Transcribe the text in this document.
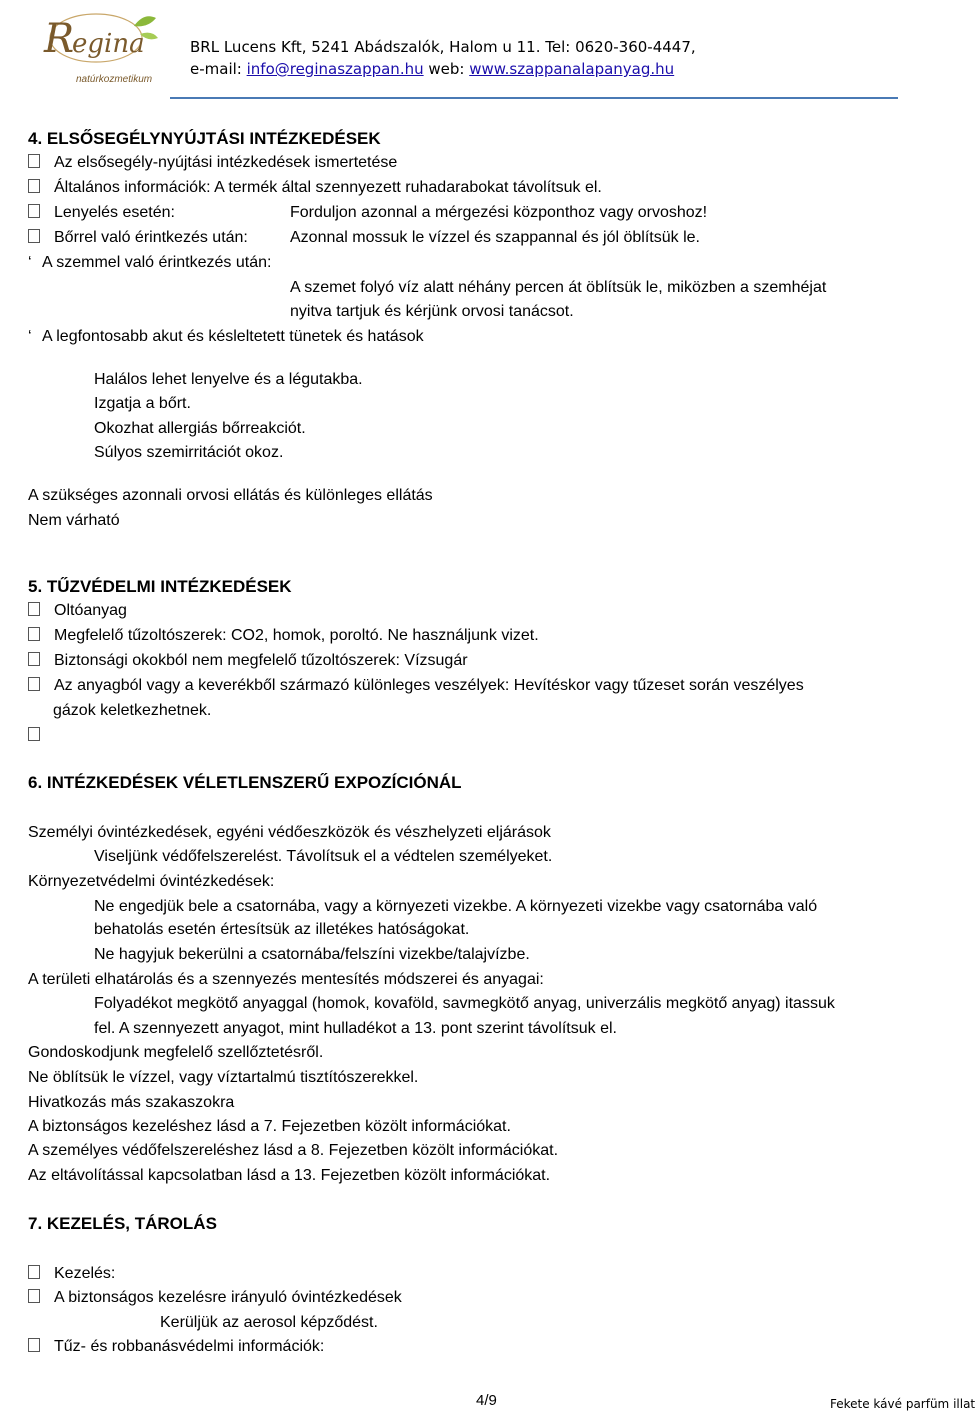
R
egina
natúrkozmetikum
BRL Lucens Kft, 5241 Abádszalók, Halom u 11. Tel: 0620-360-4447,
e-mail: info@reginaszappan.hu web: www.szappanalapanyag.hu
4. ELSŐSEGÉLYNYÚJTÁSI INTÉZKEDÉSEK
Az elsősegély-nyújtási intézkedések ismertetése
Általános információk: A termék által szennyezett ruhadarabokat távolítsuk el.
Lenyelés esetén:	Forduljon azonnal a mérgezési központhoz vagy orvoshoz!
Bőrrel való érintkezés után:	Azonnal mossuk le vízzel és szappannal és jól öblítsük le.
‘ A szemmel való érintkezés után:
A szemet folyó víz alatt néhány percen át öblítsük le, miközben a szemhéjat
nyitva tartjuk és kérjünk orvosi tanácsot.
‘ A legfontosabb akut és késleltetett tünetek és hatások
Halálos lehet lenyelve és a légutakba.
Izgatja a bőrt.
Okozhat allergiás bőrreakciót.
Súlyos szemirritációt okoz.
A szükséges azonnali orvosi ellátás és különleges ellátás
Nem várható
5. TŰZVÉDELMI INTÉZKEDÉSEK
Oltóanyag
Megfelelő tűzoltószerek: CO2, homok, poroltó. Ne használjunk vizet.
Biztonsági okokból nem megfelelő tűzoltószerek: Vízsugár
Az anyagból vagy a keverékből származó különleges veszélyek: Hevítéskor vagy tűzeset során veszélyes
gázok keletkezhetnek.
6. INTÉZKEDÉSEK VÉLETLENSZERŰ EXPOZÍCIÓNÁL
Személyi óvintézkedések, egyéni védőeszközök és vészhelyzeti eljárások
Viseljünk védőfelszerelést. Távolítsuk el a védtelen személyeket.
Környezetvédelmi óvintézkedések:
Ne engedjük bele a csatornába, vagy a környezeti vizekbe. A környezeti vizekbe vagy csatornába való
behatolás esetén értesítsük az illetékes hatóságokat.
Ne hagyjuk bekerülni a csatornába/felszíni vizekbe/talajvízbe.
A területi elhatárolás és a szennyezés mentesítés módszerei és anyagai:
Folyadékot megkötő anyaggal (homok, kovaföld, savmegkötő anyag, univerzális megkötő anyag) itassuk
fel. A szennyezett anyagot, mint hulladékot a 13. pont szerint távolítsuk el.
Gondoskodjunk megfelelő szellőztetésről.
Ne öblítsük le vízzel, vagy víztartalmú tisztítószerekkel.
Hivatkozás más szakaszokra
A biztonságos kezeléshez lásd a 7. Fejezetben közölt információkat.
A személyes védőfelszereléshez lásd a 8. Fejezetben közölt információkat.
Az eltávolítással kapcsolatban lásd a 13. Fejezetben közölt információkat.
7. KEZELÉS, TÁROLÁS
Kezelés:
A biztonságos kezelésre irányuló óvintézkedések
Kerüljük az aerosol képződést.
Tűz- és robbanásvédelmi információk:
4/9	Fekete kávé parfüm illat
